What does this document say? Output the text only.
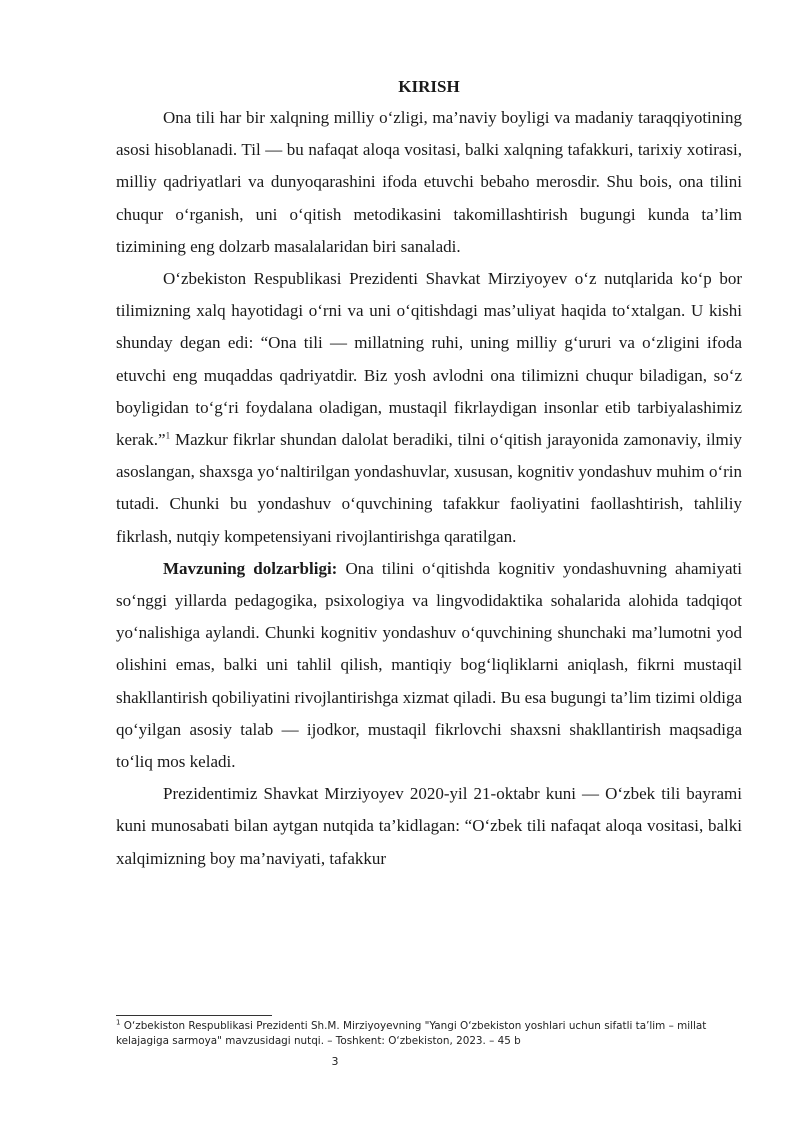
KIRISH

Ona tili har bir xalqning milliy o‘zligi, ma’naviy boyligi va madaniy taraqqiyotining asosi hisoblanadi. Til — bu nafaqat aloqa vositasi, balki xalqning tafakkuri, tarixiy xotirasi, milliy qadriyatlari va dunyoqarashini ifoda etuvchi bebaho merosdir. Shu bois, ona tilini chuqur o‘rganish, uni o‘qitish metodikasini takomillashtirish bugungi kunda ta’lim tizimining eng dolzarb masalalaridan biri sanaladi.

O‘zbekiston Respublikasi Prezidenti Shavkat Mirziyoyev o‘z nutqlarida ko‘p bor tilimizning xalq hayotidagi o‘rni va uni o‘qitishdagi mas’uliyat haqida to‘xtalgan. U kishi shunday degan edi: “Ona tili — millatning ruhi, uning milliy g‘ururi va o‘zligini ifoda etuvchi eng muqaddas qadriyatdir. Biz yosh avlodni ona tilimizni chuqur biladigan, so‘z boyligidan to‘g‘ri foydalana oladigan, mustaqil fikrlaydigan insonlar etib tarbiyalashimiz kerak.”$^1$ Mazkur fikrlar shundan dalolat beradiki, tilni o‘qitish jarayonida zamonaviy, ilmiy asoslangan, shaxsga yo‘naltirilgan yondashuvlar, xususan, kognitiv yondashuv muhim o‘rin tutadi. Chunki bu yondashuv o‘quvchining tafakkur faoliyatini faollashtirish, tahliliy fikrlash, nutqiy kompetensiyani rivojlantirishga qaratilgan.

Mavzuning dolzarbligi: Ona tilini o‘qitishda kognitiv yondashuvning ahamiyati so‘nggi yillarda pedagogika, psixologiya va lingvodidaktika sohalarida alohida tadqiqot yo‘nalishiga aylandi. Chunki kognitiv yondashuv o‘quvchining shunchaki ma’lumotni yod olishini emas, balki uni tahlil qilish, mantiqiy bog‘liqliklarni aniqlash, fikrni mustaqil shakllantirish qobiliyatini rivojlantirishga xizmat qiladi. Bu esa bugungi ta’lim tizimi oldiga qo‘yilgan asosiy talab — ijodkor, mustaqil fikrlovchi shaxsni shakllantirish maqsadiga to‘liq mos keladi.

Prezidentimiz Shavkat Mirziyoyev 2020-yil 21-oktabr kuni — O‘zbek tili bayrami kuni munosabati bilan aytgan nutqida ta’kidlagan: “O‘zbek tili nafaqat aloqa vositasi, balki xalqimizning boy ma’naviyati, tafakkur

$^1$ O‘zbekiston Respublikasi Prezidenti Sh.M. Mirziyoyevning "Yangi O‘zbekiston yoshlari uchun sifatli ta’lim – millat kelajagiga sarmoya" mavzusidagi nutqi. – Toshkent: O‘zbekiston, 2023. – 45 b

3
